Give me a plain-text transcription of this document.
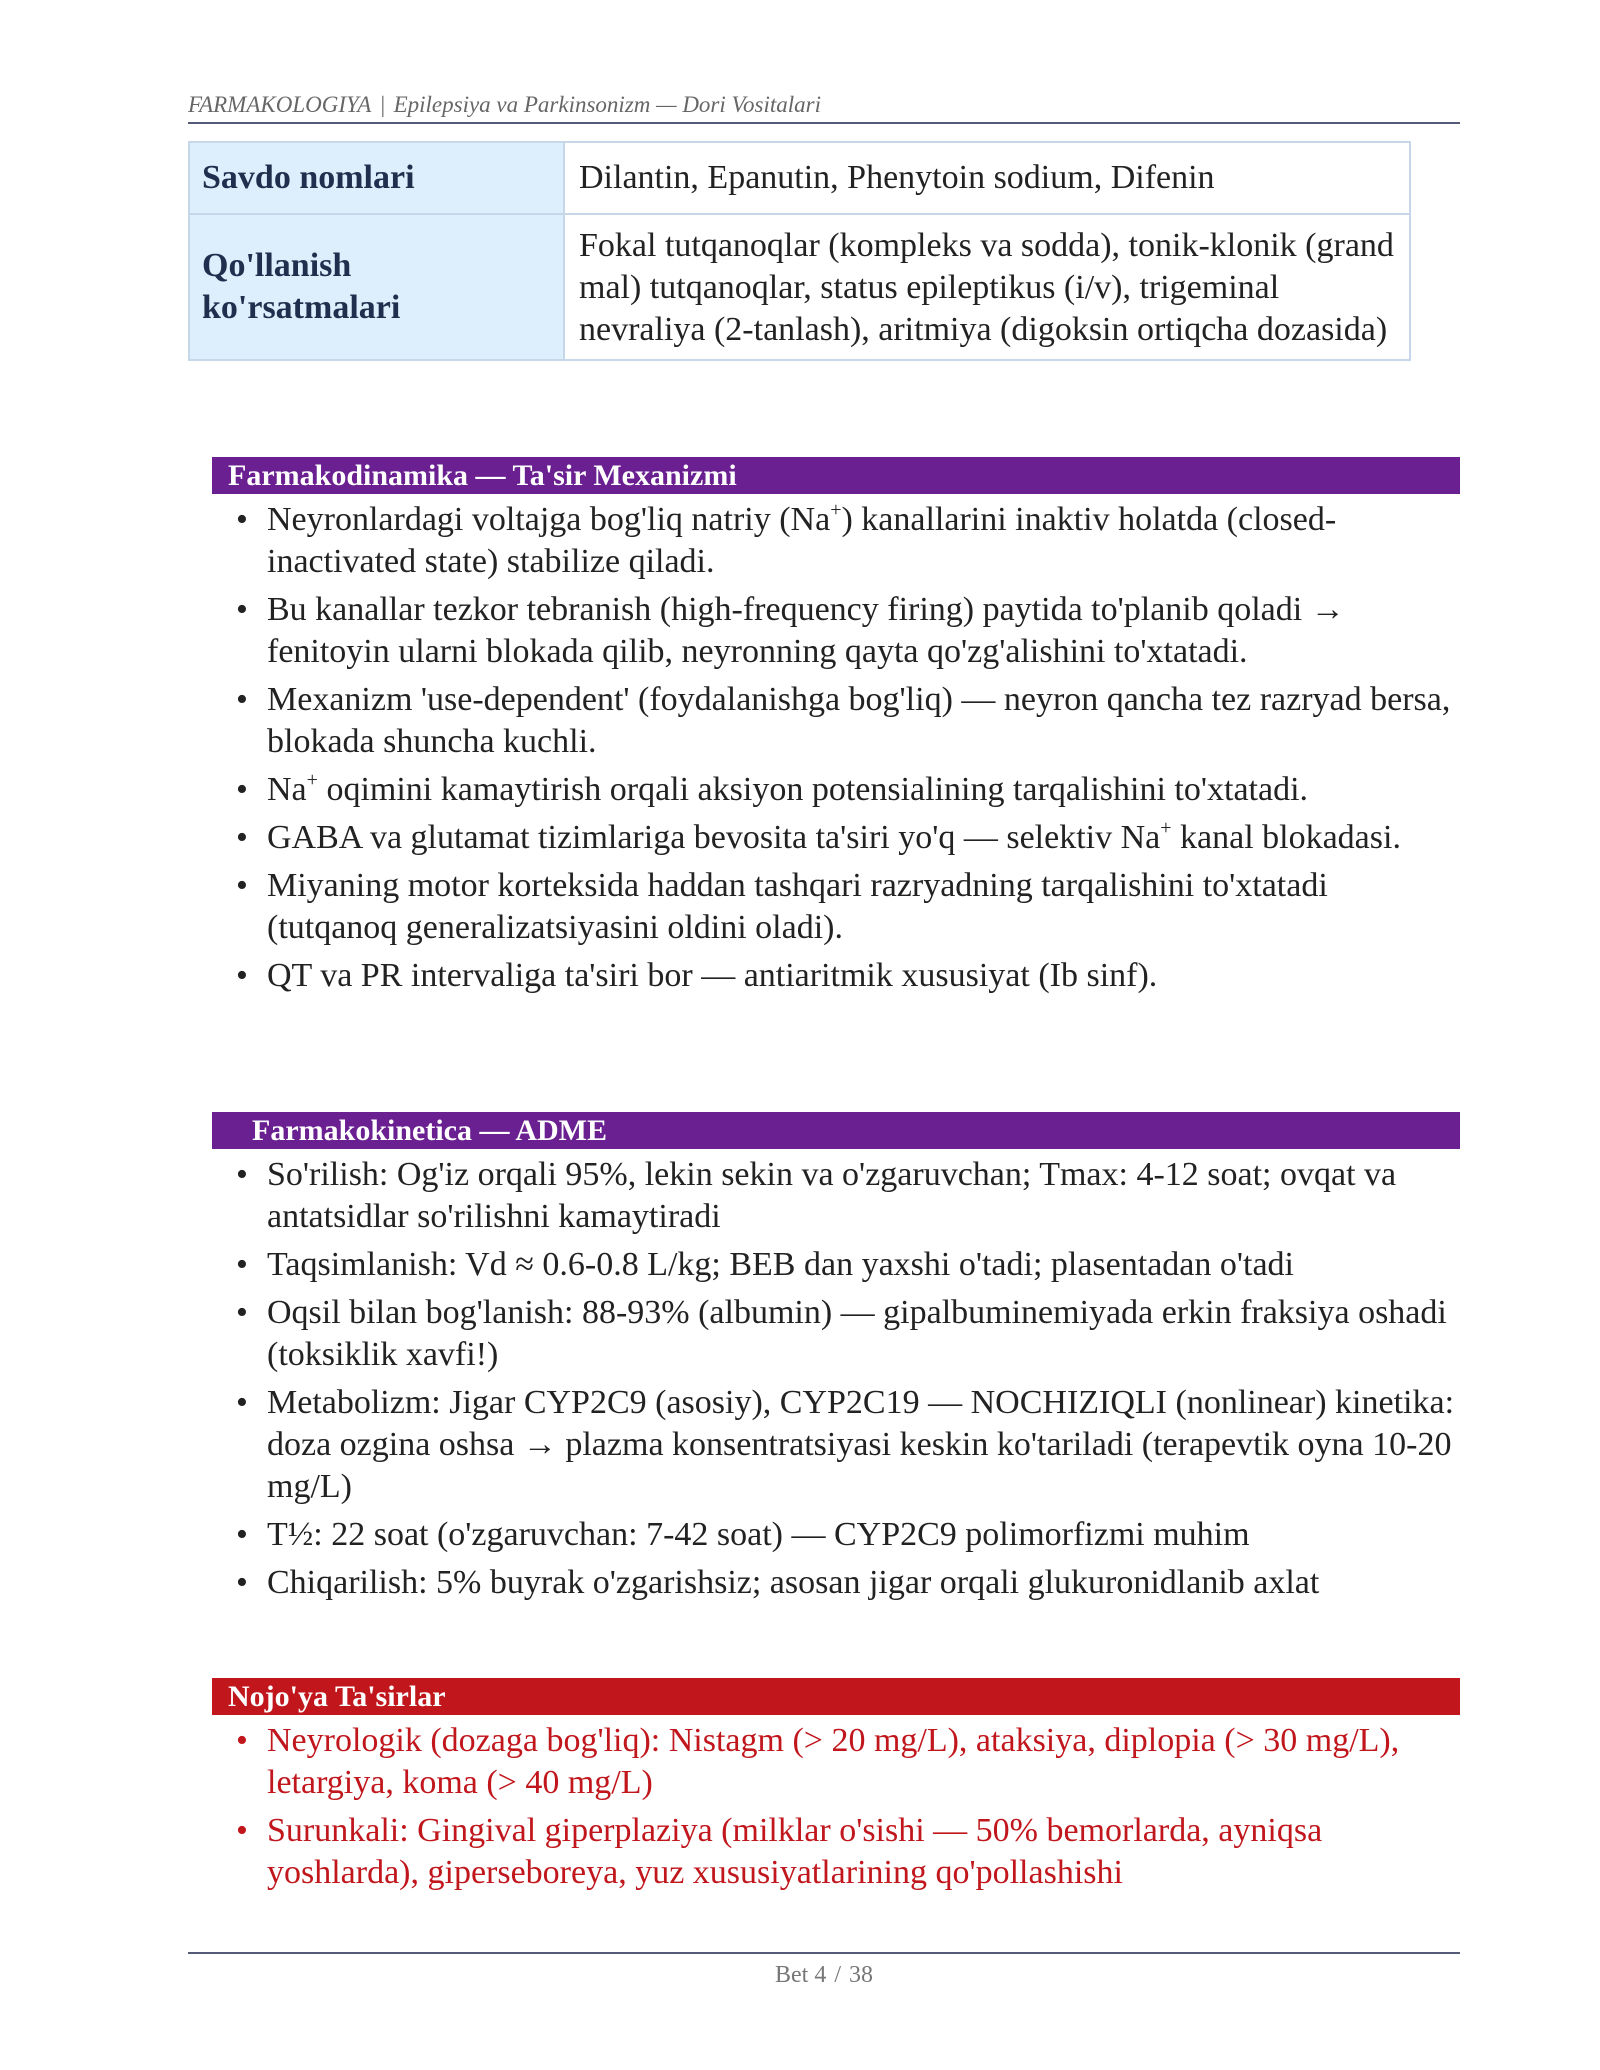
FARMAKOLOGIYA | Epilepsiya va Parkinsonizm — Dori Vositalari
Savdo nomlari	Dilantin, Epanutin, Phenytoin sodium, Difenin
Qo'llanish ko'rsatmalari	Fokal tutqanoqlar (kompleks va sodda), tonik-klonik (grand mal) tutqanoqlar, status epileptikus (i/v), trigeminal nevraliya (2-tanlash), aritmiya (digoksin ortiqcha dozasida)
Farmakodinamika — Ta'sir Mexanizmi
• Neyronlardagi voltajga bog'liq natriy (Na+) kanallarini inaktiv holatda (closed-inactivated state) stabilize qiladi.
• Bu kanallar tezkor tebranish (high-frequency firing) paytida to'planib qoladi → fenitoyin ularni blokada qilib, neyronning qayta qo'zg'alishini to'xtatadi.
• Mexanizm 'use-dependent' (foydalanishga bog'liq) — neyron qancha tez razryad bersa, blokada shuncha kuchli.
• Na+ oqimini kamaytirish orqali aksiyon potensialining tarqalishini to'xtatadi.
• GABA va glutamat tizimlariga bevosita ta'siri yo'q — selektiv Na+ kanal blokadasi.
• Miyaning motor korteksida haddan tashqari razryadning tarqalishini to'xtatadi (tutqanoq generalizatsiyasini oldini oladi).
• QT va PR intervaliga ta'siri bor — antiaritmik xususiyat (Ib sinf).
Farmakokinetica — ADME
• So'rilish: Og'iz orqali 95%, lekin sekin va o'zgaruvchan; Tmax: 4-12 soat; ovqat va antatsidlar so'rilishni kamaytiradi
• Taqsimlanish: Vd ≈ 0.6-0.8 L/kg; BEB dan yaxshi o'tadi; plasentadan o'tadi
• Oqsil bilan bog'lanish: 88-93% (albumin) — gipalbuminemiyada erkin fraksiya oshadi (toksiklik xavfi!)
• Metabolizm: Jigar CYP2C9 (asosiy), CYP2C19 — NOCHIZIQLI (nonlinear) kinetika: doza ozgina oshsa → plazma konsentratsiyasi keskin ko'tariladi (terapevtik oyna 10-20 mg/L)
• T½: 22 soat (o'zgaruvchan: 7-42 soat) — CYP2C9 polimorfizmi muhim
• Chiqarilish: 5% buyrak o'zgarishsiz; asosan jigar orqali glukuronidlanib axlat
Nojo'ya Ta'sirlar
• Neyrologik (dozaga bog'liq): Nistagm (> 20 mg/L), ataksiya, diplopia (> 30 mg/L), letargiya, koma (> 40 mg/L)
• Surunkali: Gingival giperplaziya (milklar o'sishi — 50% bemorlarda, ayniqsa yoshlarda), giperseboreya, yuz xususiyatlarining qo'pollashishi
Bet 4 / 38
